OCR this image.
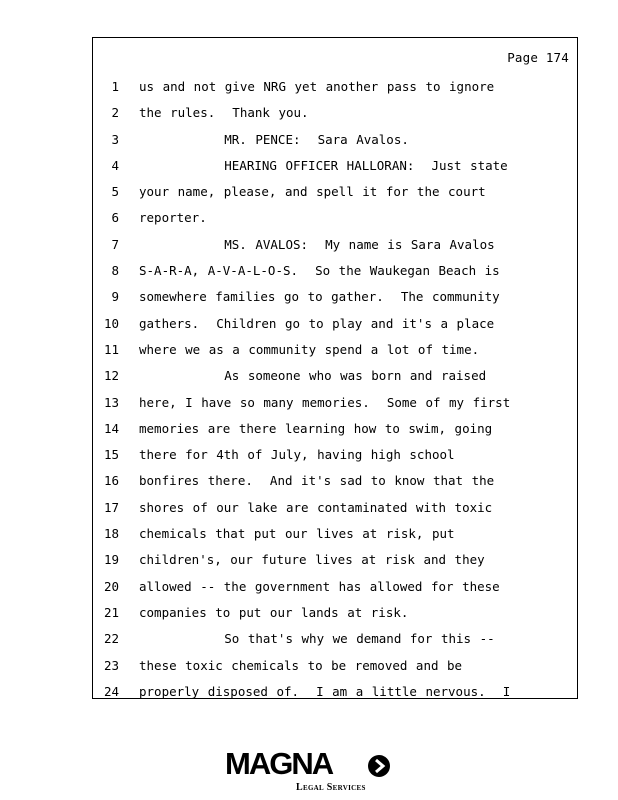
Page 174
1 us and not give NRG yet another pass to ignore
2 the rules.  Thank you.
3 MR. PENCE:  Sara Avalos.
4 HEARING OFFICER HALLORAN:  Just state
5 your name, please, and spell it for the court
6 reporter.
7 MS. AVALOS:  My name is Sara Avalos
8 S-A-R-A, A-V-A-L-O-S.  So the Waukegan Beach is
9 somewhere families go to gather.  The community
10 gathers.  Children go to play and it's a place
11 where we as a community spend a lot of time.
12 As someone who was born and raised
13 here, I have so many memories.  Some of my first
14 memories are there learning how to swim, going
15 there for 4th of July, having high school
16 bonfires there.  And it's sad to know that the
17 shores of our lake are contaminated with toxic
18 chemicals that put our lives at risk, put
19 children's, our future lives at risk and they
20 allowed -- the government has allowed for these
21 companies to put our lands at risk.
22 So that's why we demand for this --
23 these toxic chemicals to be removed and be
24 properly disposed of.  I am a little nervous.  I
MAGNA
Legal Services
